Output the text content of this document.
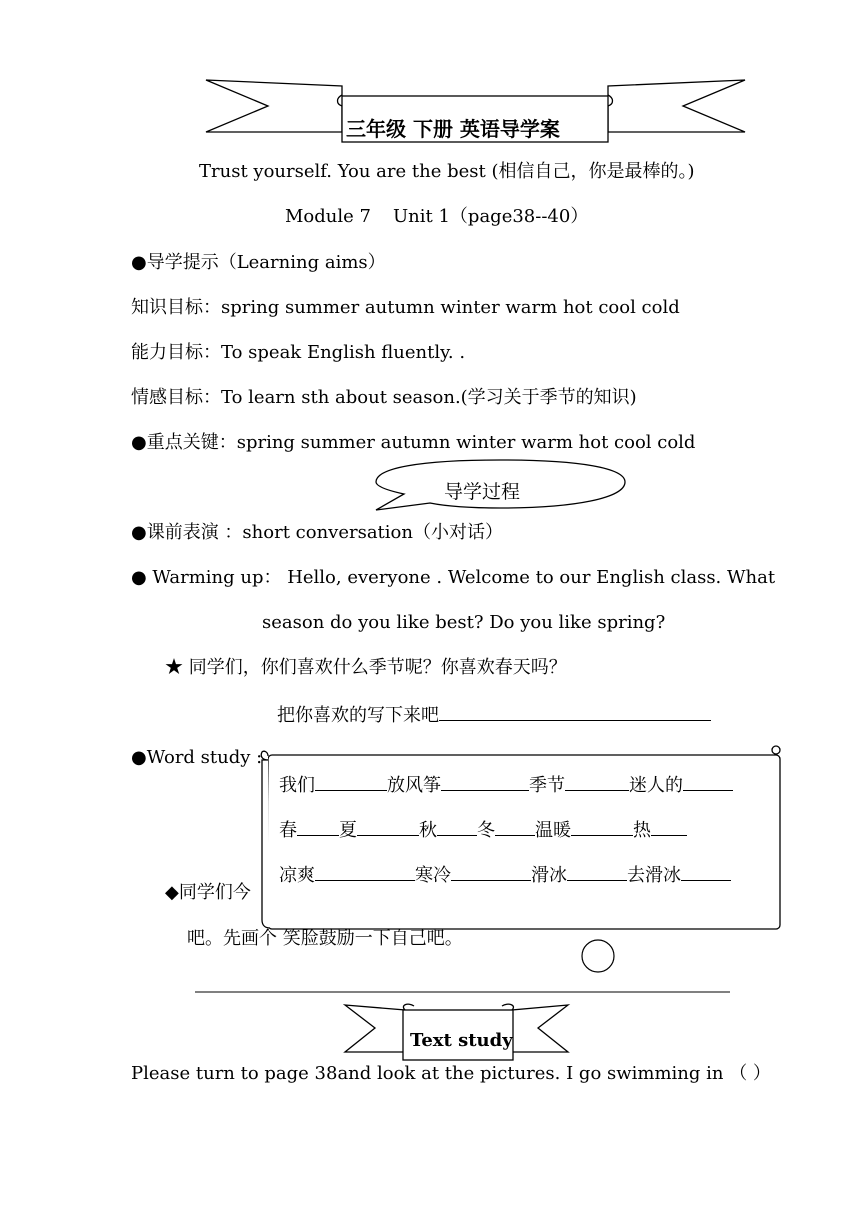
三年级 下册 英语导学案
Trust yourself. You are the best (相信自己，你是最棒的。)
Module 7 Unit 1（page38--40）
●导学提示（Learning aims）
知识目标：spring summer autumn winter warm hot cool cold
能力目标：To speak English fluently. .
情感目标：To learn sth about season.(学习关于季节的知识)
●重点关键：spring summer autumn winter warm hot cool cold
导学过程
●课前表演 ：short conversation（小对话）
● Warming up： Hello, everyone . Welcome to our English class. What
season do you like best? Do you like spring?
★ 同学们，你们喜欢什么季节呢？你喜欢春天吗？
把你喜欢的写下来吧
●Word study :
我们	放风筝	季节	迷人的
春 夏	秋 冬 温暖	热
凉爽	寒冷	滑冰	去滑冰
◆同学们今
吧。先画个 笑脸鼓励一下自己吧。
Text study
Please turn to page 38and look at the pictures. I go swimming in （ ）
